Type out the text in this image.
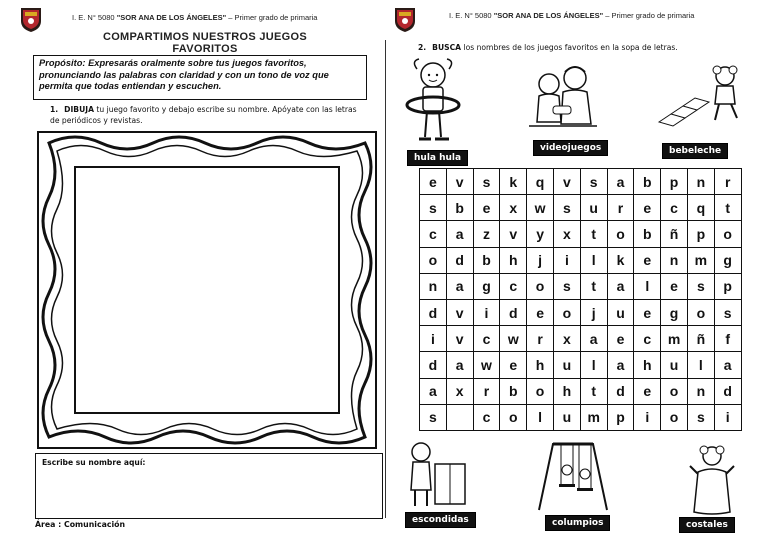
I. E. N° 5080 "SOR ANA DE LOS ÁNGELES" – Primer grado de primaria
COMPARTIMOS NUESTROS JUEGOS FAVORITOS
Propósito: Expresarás oralmente sobre tus juegos favoritos, pronunciando las palabras con claridad y con un tono de voz que permita que todas entiendan y escuchen.
1. DIBUJA tu juego favorito y debajo escribe su nombre. Apóyate con las letras de periódicos y revistas.
Escribe su nombre aquí:
Área : Comunicación
I. E. N° 5080 "SOR ANA DE LOS ÁNGELES" – Primer grado de primaria
2. BUSCA los nombres de los juegos favoritos en la sopa de letras.
hula hula
videojuegos	bebeleche
e	v	s	k	q	v	s	a	b	p	n	r
s	b	e	x	w	s	u	r	e	c	q	t
c	a	z	v	y	x	t	o	b	ñ	p	o
o	d	b	h	j	i	l	k	e	n	m	g
n	a	g	c	o	s	t	a	l	e	s	p
d	v	i	d	e	o	j	u	e	g	o	s
i	v	c	w	r	x	a	e	c	m	ñ	f
d	a	w	e	h	u	l	a	h	u	l	a
a	x	r	b	o	h	t	d	e	o	n	d
s		c	o	l	u	m	p	i	o	s	i
escondidas	columpios	costales
